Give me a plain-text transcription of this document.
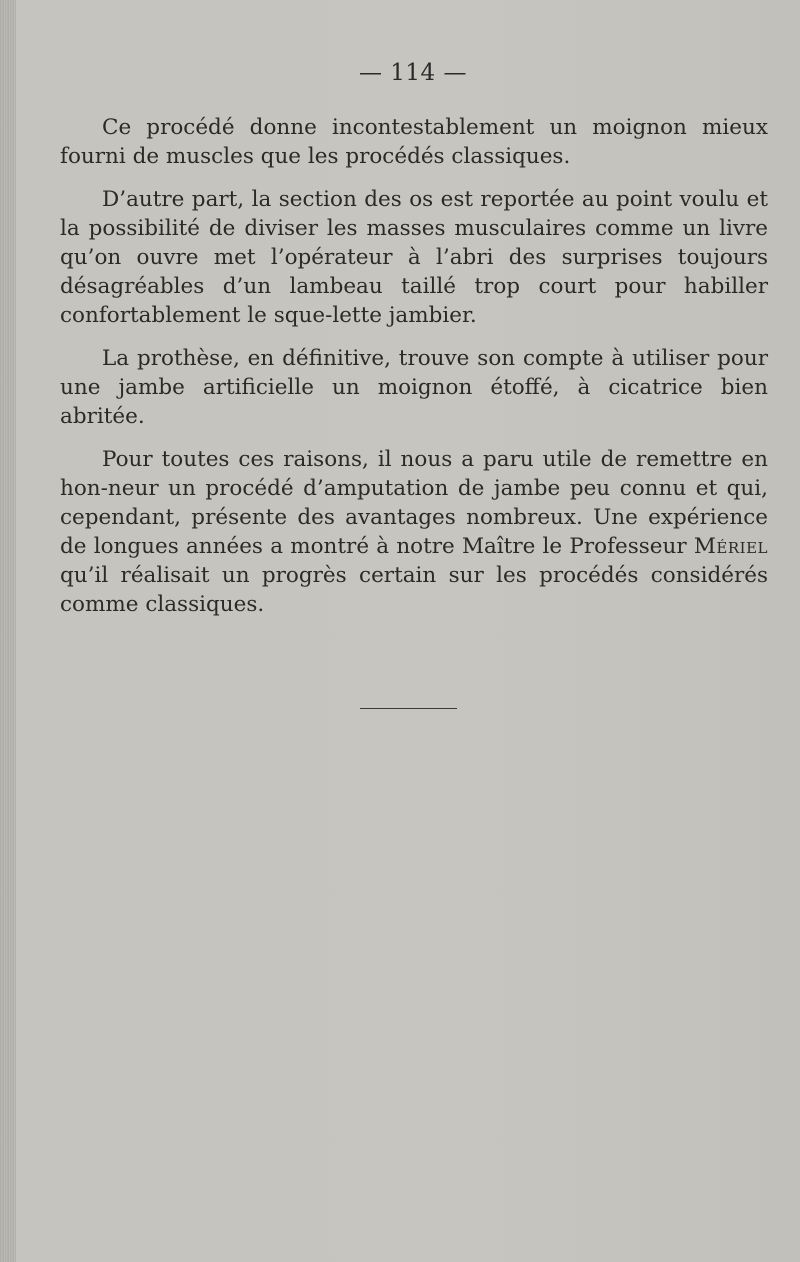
— 114 —

Ce procédé donne incontestablement un moignon mieux fourni de muscles que les procédés classiques.

D’autre part, la section des os est reportée au point voulu et la possibilité de diviser les masses musculaires comme un livre qu’on ouvre met l’opérateur à l’abri des surprises toujours désagréables d’un lambeau taillé trop court pour habiller confortablement le sque-lette jambier.

La prothèse, en définitive, trouve son compte à utiliser pour une jambe artificielle un moignon étoffé, à cicatrice bien abritée.

Pour toutes ces raisons, il nous a paru utile de remettre en hon-neur un procédé d’amputation de jambe peu connu et qui, cependant, présente des avantages nombreux. Une expérience de longues années a montré à notre Maître le Professeur Mériel qu’il réalisait un progrès certain sur les procédés considérés comme classiques.
